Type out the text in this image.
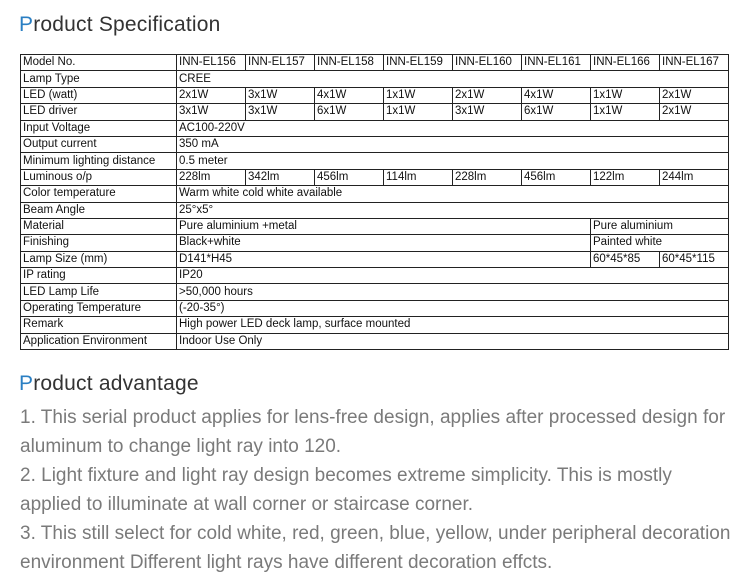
Product Specification
Model No.	INN-EL156	INN-EL157	INN-EL158	INN-EL159	INN-EL160	INN-EL161	INN-EL166	INN-EL167
Lamp Type	CREE							
LED (watt)	2x1W	3x1W	4x1W	1x1W	2x1W	4x1W	1x1W	2x1W
LED driver	3x1W	3x1W	6x1W	1x1W	3x1W	6x1W	1x1W	2x1W
Input Voltage	AC100-220V							
Output current	350 mA							
Minimum lighting distance	0.5 meter							
Luminous o/p	228lm	342lm	456lm	114lm	228lm	456lm	122lm	244lm
Color temperature	Warm white cold white available							
Beam Angle	25°x5°							
Material	Pure aluminium +metal						Pure aluminium	
Finishing	Black+white						Painted white	
Lamp Size (mm)	D141*H45						60*45*85	60*45*115
IP rating	IP20							
LED Lamp Life	>50,000 hours							
Operating Temperature	(-20-35°)							
Remark	High power LED deck lamp, surface mounted							
Application Environment	Indoor Use Only							
Product advantage

1. This serial product applies for lens-free design, applies after processed design for aluminum to change light ray into 120.

2. Light fixture and light ray design becomes extreme simplicity. This is mostly applied to illuminate at wall corner or staircase corner.

3. This still select for cold white, red, green, blue, yellow, under peripheral decoration environment Different light rays have different decoration effcts.
